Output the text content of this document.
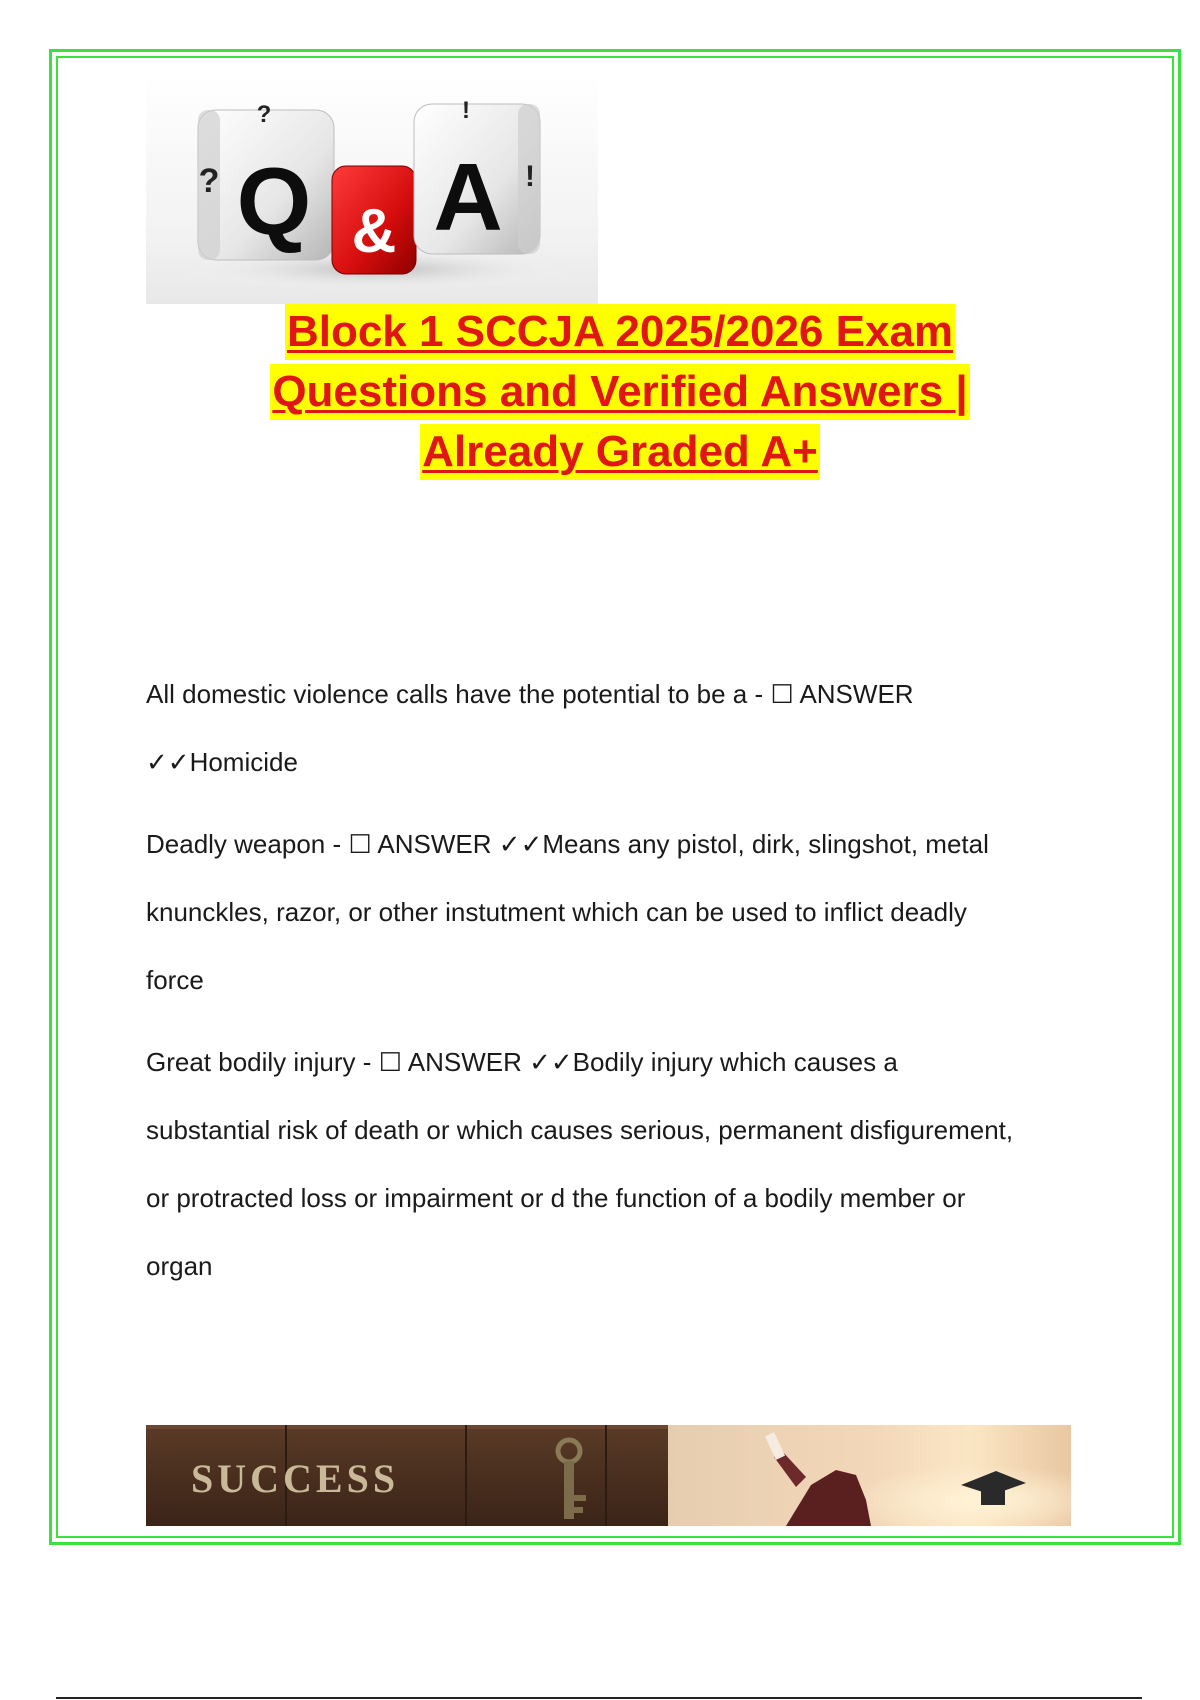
Q
?
?
& A
!
!
Block 1 SCCJA 2025/2026 Exam
Questions and Verified Answers |
Already Graded A+
All domestic violence calls have the potential to be a - ☐ ANSWER
✓✓Homicide
Deadly weapon - ☐ ANSWER ✓✓Means any pistol, dirk, slingshot, metal
knunckles, razor, or other instutment which can be used to inflict deadly
force
Great bodily injury - ☐ ANSWER ✓✓Bodily injury which causes a
substantial risk of death or which causes serious, permanent disfigurement,
or protracted loss or impairment or d the function of a bodily member or
organ
SUCCESS
